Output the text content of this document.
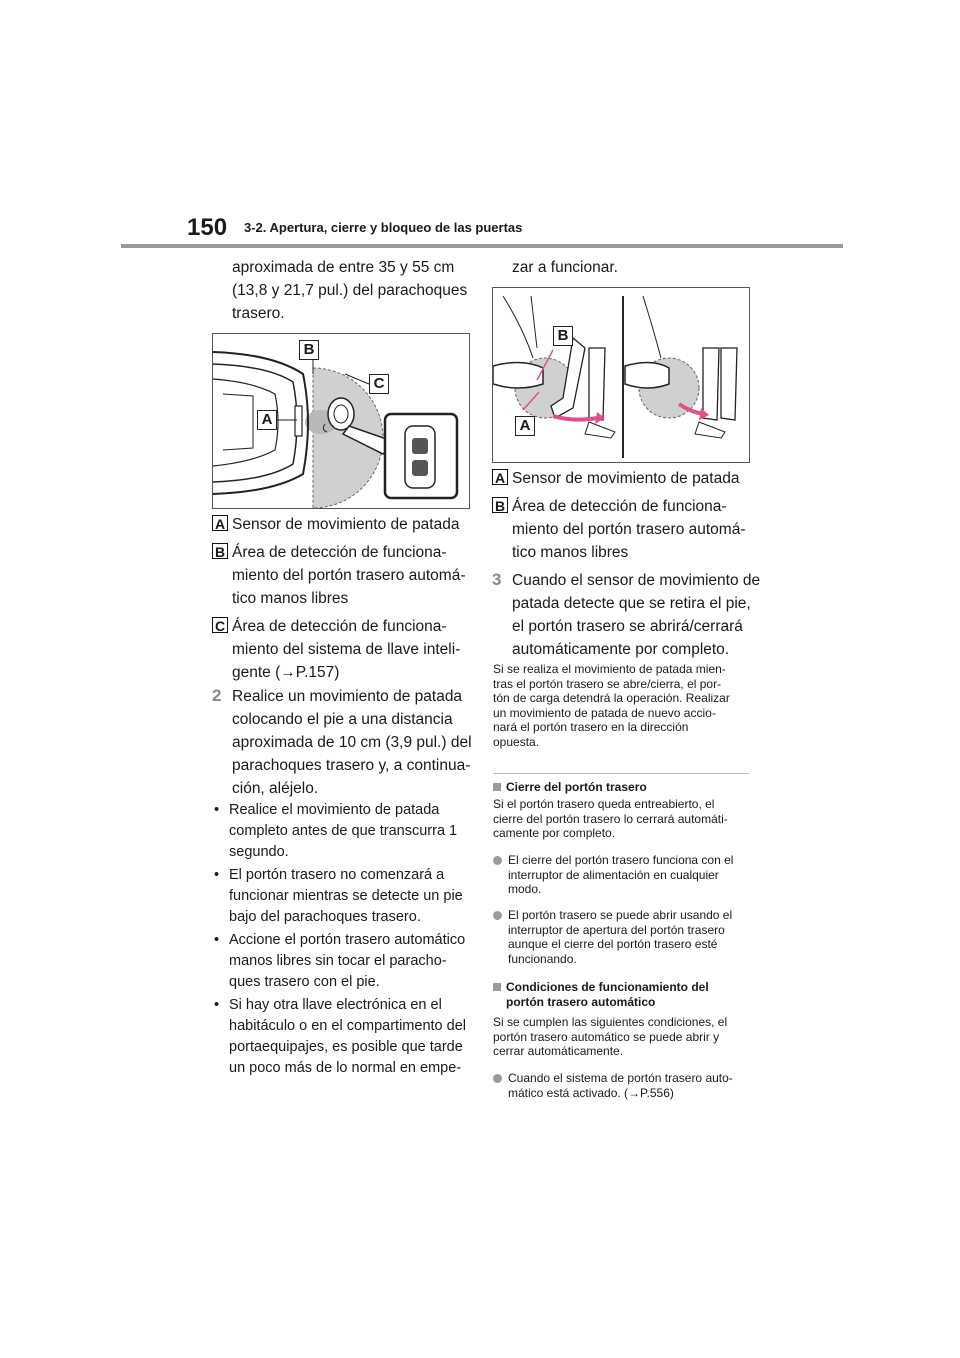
150 3-2. Apertura, cierre y bloqueo de las puertas
aproximada de entre 35 y 55 cm
(13,8 y 21,7 pul.) del parachoques
trasero.
B
C
A
A Sensor de movimiento de patada
B Área de detección de funciona-
miento del portón trasero automá-
tico manos libres
C Área de detección de funciona-
miento del sistema de llave inteli-
gente (→P.157)
2 Realice un movimiento de patada
colocando el pie a una distancia
aproximada de 10 cm (3,9 pul.) del
parachoques trasero y, a continua-
ción, aléjelo.
• Realice el movimiento de patada
completo antes de que transcurra 1
segundo.
• El portón trasero no comenzará a
funcionar mientras se detecte un pie
bajo del parachoques trasero.
• Accione el portón trasero automático
manos libres sin tocar el paracho-
ques trasero con el pie.
• Si hay otra llave electrónica en el
habitáculo o en el compartimento del
portaequipajes, es posible que tarde
un poco más de lo normal en empe-
zar a funcionar.
B
A
A Sensor de movimiento de patada
B Área de detección de funciona-
miento del portón trasero automá-
tico manos libres
3 Cuando el sensor de movimiento de
patada detecte que se retira el pie,
el portón trasero se abrirá/cerrará
automáticamente por completo.
Si se realiza el movimiento de patada mien-
tras el portón trasero se abre/cierra, el por-
tón de carga detendrá la operación. Realizar
un movimiento de patada de nuevo accio-
nará el portón trasero en la dirección
opuesta.
Cierre del portón trasero
Si el portón trasero queda entreabierto, el
cierre del portón trasero lo cerrará automáti-
camente por completo.
El cierre del portón trasero funciona con el
interruptor de alimentación en cualquier
modo.
El portón trasero se puede abrir usando el
interruptor de apertura del portón trasero
aunque el cierre del portón trasero esté
funcionando.
Condiciones de funcionamiento del
portón trasero automático
Si se cumplen las siguientes condiciones, el
portón trasero automático se puede abrir y
cerrar automáticamente.
Cuando el sistema de portón trasero auto-
mático está activado. (→P.556)
